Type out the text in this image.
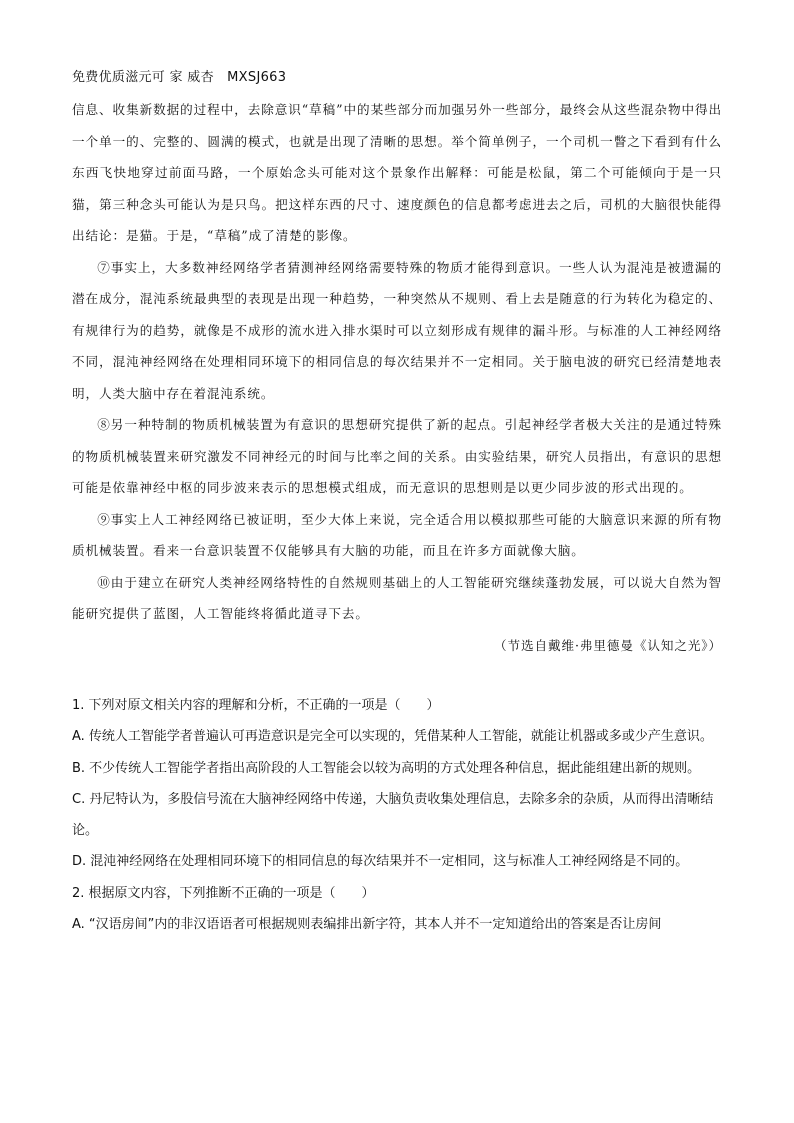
免费优质滋元可 家 威杏　MXSJ663

信息、收集新数据的过程中，去除意识“草稿”中的某些部分而加强另外一些部分，最终会从这些混杂物中得出一个单一的、完整的、圆满的模式，也就是出现了清晰的思想。举个简单例子，一个司机一瞥之下看到有什么东西飞快地穿过前面马路，一个原始念头可能对这个景象作出解释：可能是松鼠，第二个可能倾向于是一只猫，第三种念头可能认为是只鸟。把这样东西的尺寸、速度颜色的信息都考虑进去之后，司机的大脑很快能得出结论：是猫。于是，“草稿”成了清楚的影像。

⑦事实上，大多数神经网络学者猜测神经网络需要特殊的物质才能得到意识。一些人认为混沌是被遗漏的潜在成分，混沌系统最典型的表现是出现一种趋势，一种突然从不规则、看上去是随意的行为转化为稳定的、有规律行为的趋势，就像是不成形的流水进入排水渠时可以立刻形成有规律的漏斗形。与标准的人工神经网络不同，混沌神经网络在处理相同环境下的相同信息的每次结果并不一定相同。关于脑电波的研究已经清楚地表明，人类大脑中存在着混沌系统。

⑧另一种特制的物质机械装置为有意识的思想研究提供了新的起点。引起神经学者极大关注的是通过特殊的物质机械装置来研究激发不同神经元的时间与比率之间的关系。由实验结果，研究人员指出，有意识的思想可能是依靠神经中枢的同步波来表示的思想模式组成，而无意识的思想则是以更少同步波的形式出现的。

⑨事实上人工神经网络已被证明，至少大体上来说，完全适合用以模拟那些可能的大脑意识来源的所有物质机械装置。看来一台意识装置不仅能够具有大脑的功能，而且在许多方面就像大脑。

⑩由于建立在研究人类神经网络特性的自然规则基础上的人工智能研究继续蓬勃发展，可以说大自然为智能研究提供了蓝图，人工智能终将循此道寻下去。

（节选自戴维·弗里德曼《认知之光》）

1. 下列对原文相关内容的理解和分析，不正确的一项是（　　）

A. 传统人工智能学者普遍认可再造意识是完全可以实现的，凭借某种人工智能，就能让机器或多或少产生意识。

B. 不少传统人工智能学者指出高阶段的人工智能会以较为高明的方式处理各种信息，据此能组建出新的规则。

C. 丹尼特认为，多股信号流在大脑神经网络中传递，大脑负责收集处理信息，去除多余的杂质，从而得出清晰结论。

D. 混沌神经网络在处理相同环境下的相同信息的每次结果并不一定相同，这与标准人工神经网络是不同的。

2. 根据原文内容，下列推断不正确的一项是（　　）

A. “汉语房间”内的非汉语语者可根据规则表编排出新字符，其本人并不一定知道给出的答案是否让房间
